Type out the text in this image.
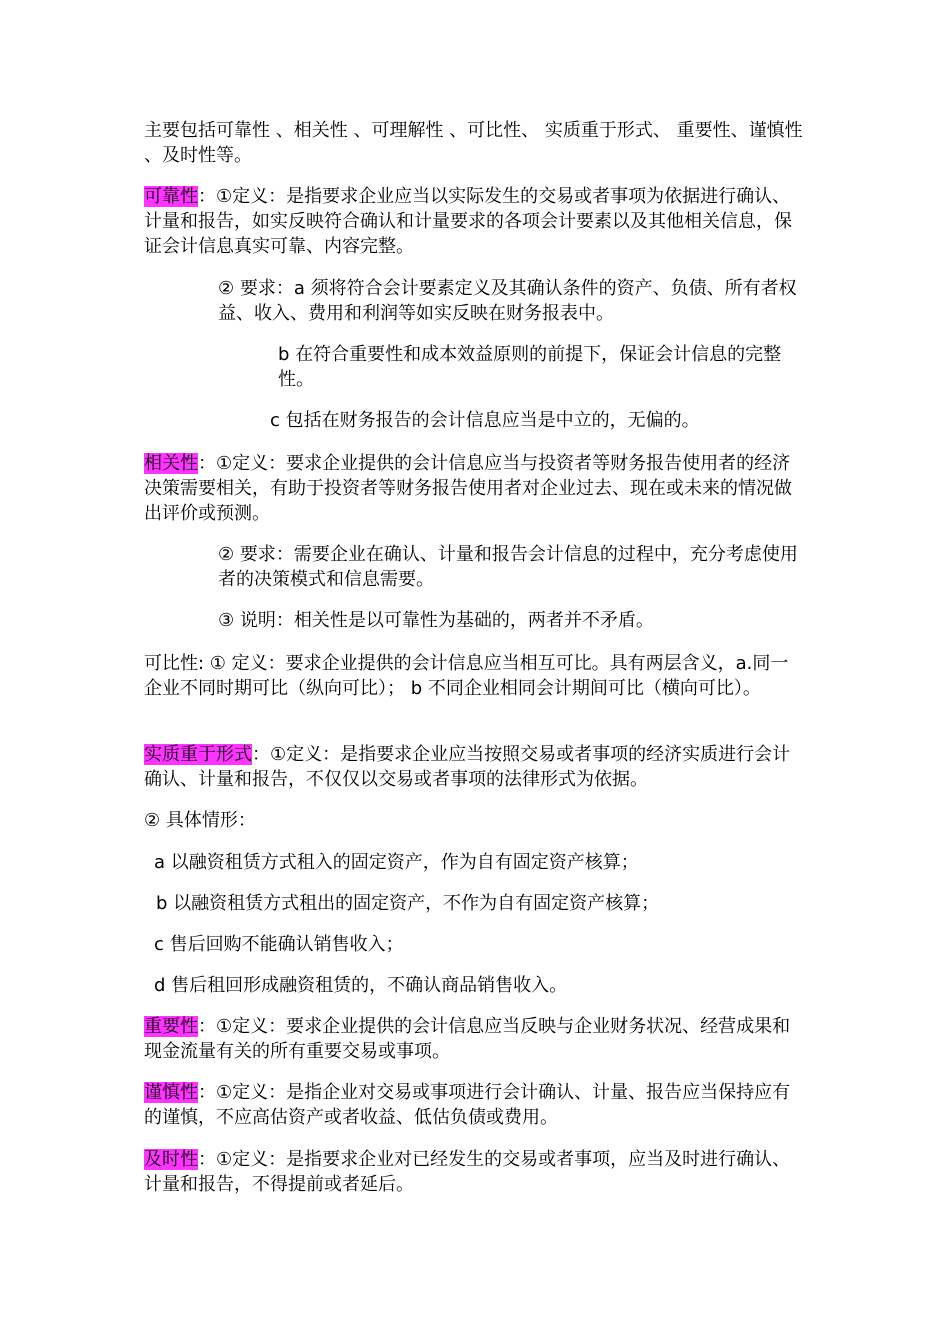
主要包括可靠性 、相关性 、可理解性 、可比性、 实质重于形式、 重要性、谨慎性 、及时性等。

可靠性：①定义：是指要求企业应当以实际发生的交易或者事项为依据进行确认、计量和报告，如实反映符合确认和计量要求的各项会计要素以及其他相关信息，保证会计信息真实可靠、内容完整。

② 要求：a 须将符合会计要素定义及其确认条件的资产、负债、所有者权益、收入、费用和利润等如实反映在财务报表中。

b 在符合重要性和成本效益原则的前提下，保证会计信息的完整性。

c 包括在财务报告的会计信息应当是中立的，无偏的。

相关性：①定义：要求企业提供的会计信息应当与投资者等财务报告使用者的经济决策需要相关，有助于投资者等财务报告使用者对企业过去、现在或未来的情况做出评价或预测。

② 要求：需要企业在确认、计量和报告会计信息的过程中，充分考虑使用者的决策模式和信息需要。

③ 说明：相关性是以可靠性为基础的，两者并不矛盾。

可比性: ① 定义：要求企业提供的会计信息应当相互可比。具有两层含义，a.同一企业不同时期可比（纵向可比）； b 不同企业相同会计期间可比（横向可比）。

实质重于形式：①定义：是指要求企业应当按照交易或者事项的经济实质进行会计确认、计量和报告，不仅仅以交易或者事项的法律形式为依据。

② 具体情形：

a 以融资租赁方式租入的固定资产，作为自有固定资产核算；

b 以融资租赁方式租出的固定资产，不作为自有固定资产核算；

c 售后回购不能确认销售收入；

d 售后租回形成融资租赁的，不确认商品销售收入。

重要性：①定义：要求企业提供的会计信息应当反映与企业财务状况、经营成果和现金流量有关的所有重要交易或事项。

谨慎性：①定义：是指企业对交易或事项进行会计确认、计量、报告应当保持应有的谨慎，不应高估资产或者收益、低估负债或费用。

及时性：①定义：是指要求企业对已经发生的交易或者事项，应当及时进行确认、计量和报告，不得提前或者延后。
